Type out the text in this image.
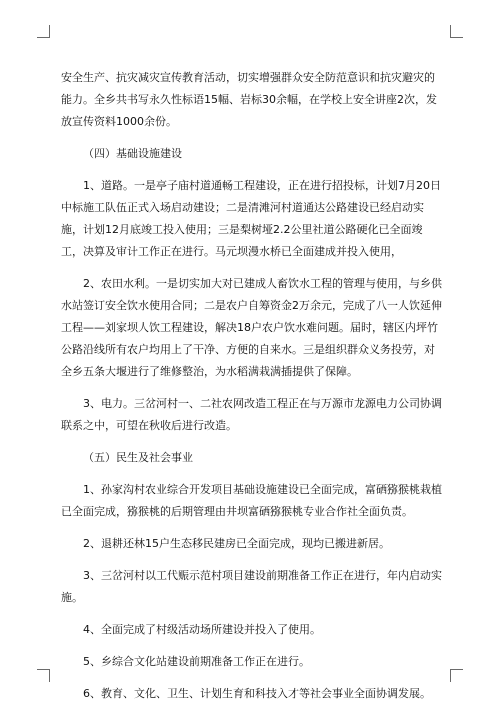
安全生产、抗灾减灾宣传教育活动，切实增强群众安全防范意识和抗灾避灾的能力。全乡共书写永久性标语15幅、岩标30余幅，在学校上安全讲座2次，发放宣传资料1000余份。

（四）基础设施建设

1、道路。一是亭子庙村道通畅工程建设，正在进行招投标，计划7月20日中标施工队伍正式入场启动建设；二是清滩河村道通达公路建设已经启动实施，计划12月底竣工投入使用；三是梨树垭2.2公里社道公路硬化已全面竣工，决算及审计工作正在进行。马元坝漫水桥已全面建成并投入使用，

2、农田水利。一是切实加大对已建成人畜饮水工程的管理与使用，与乡供水站签订安全饮水使用合同；二是农户自筹资金2万余元，完成了八一人饮延伸工程——刘家坝人饮工程建设，解决18户农户饮水难问题。届时，辖区内坪竹公路沿线所有农户均用上了干净、方便的自来水。三是组织群众义务投劳，对全乡五条大堰进行了维修整治，为水稻满栽满插提供了保障。

3、电力。三岔河村一、二社农网改造工程正在与万源市龙源电力公司协调联系之中，可望在秋收后进行改造。

（五）民生及社会事业

1、孙家沟村农业综合开发项目基础设施建设已全面完成，富硒猕猴桃栽植已全面完成，猕猴桃的后期管理由井坝富硒猕猴桃专业合作社全面负责。

2、退耕还林15户生态移民建房已全面完成，现均已搬进新居。

3、三岔河村以工代赈示范村项目建设前期准备工作正在进行，年内启动实施。

4、全面完成了村级活动场所建设并投入了使用。

5、乡综合文化站建设前期准备工作正在进行。

6、教育、文化、卫生、计划生育和科技入才等社会事业全面协调发展。
